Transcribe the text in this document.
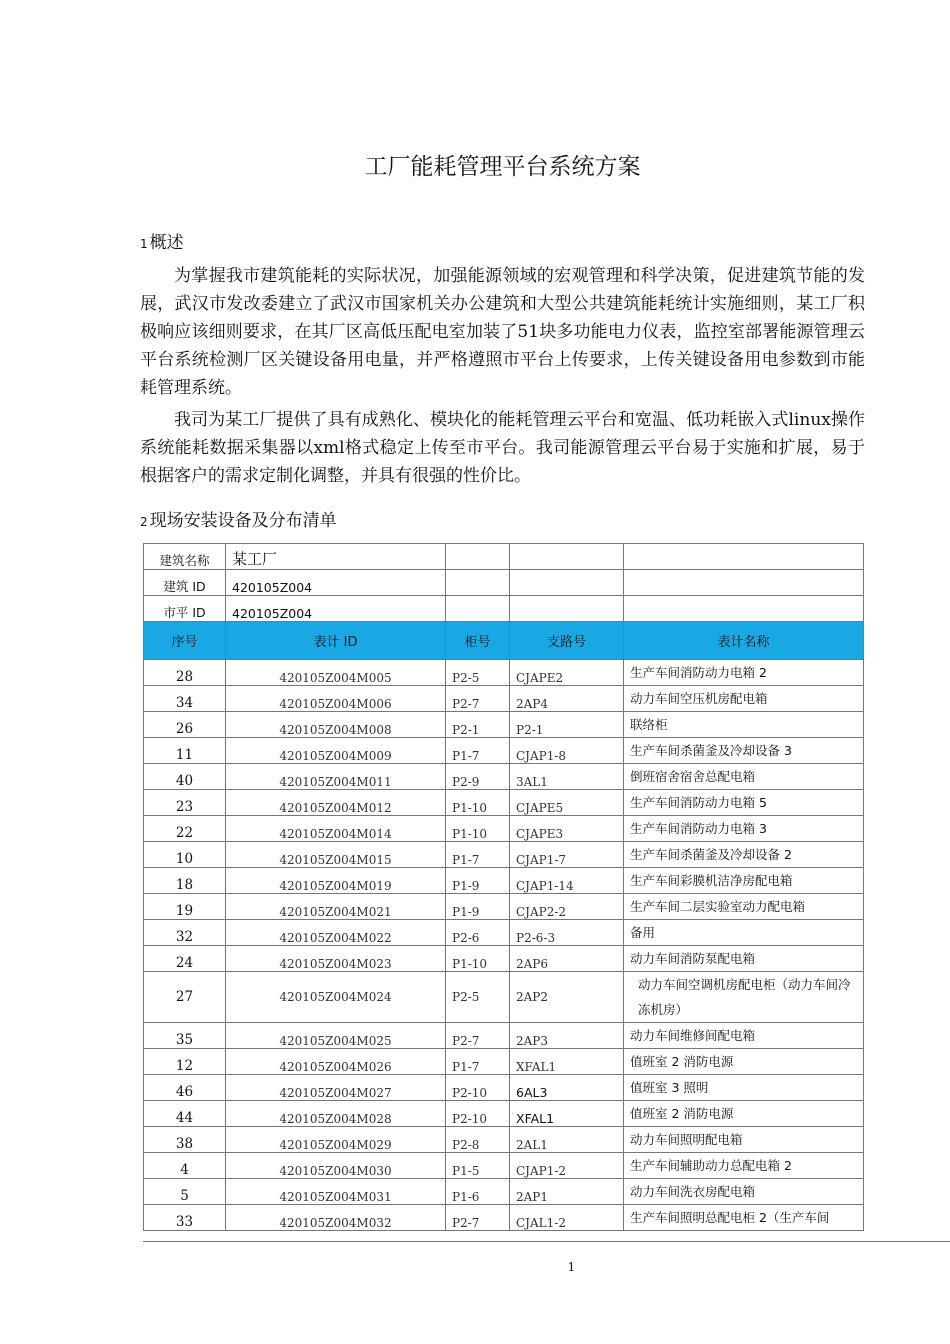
工厂能耗管理平台系统方案
1 概述

为掌握我市建筑能耗的实际状况，加强能源领域的宏观管理和科学决策，促进建筑节能的发展，武汉市发改委建立了武汉市国家机关办公建筑和大型公共建筑能耗统计实施细则，某工厂积极响应该细则要求，在其厂区高低压配电室加装了51块多功能电力仪表，监控室部署能源管理云平台系统检测厂区关键设备用电量，并严格遵照市平台上传要求，上传关键设备用电参数到市能耗管理系统。

我司为某工厂提供了具有成熟化、模块化的能耗管理云平台和宽温、低功耗嵌入式linux操作系统能耗数据采集器以xml格式稳定上传至市平台。我司能源管理云平台易于实施和扩展，易于根据客户的需求定制化调整，并具有很强的性价比。

2 现场安装设备及分布清单
建筑名称	某工厂			
建筑 ID	420105Z004			
市平 ID	420105Z004			
序号	表计 ID	柜号	支路号	表计名称
28	420105Z004M005	P2-5	CJAPE2	生产车间消防动力电箱 2
34	420105Z004M006	P2-7	2AP4	动力车间空压机房配电箱
26	420105Z004M008	P2-1	P2-1	联络柜
11	420105Z004M009	P1-7	CJAP1-8	生产车间杀菌釜及冷却设备 3
40	420105Z004M011	P2-9	3AL1	倒班宿舍宿舍总配电箱
23	420105Z004M012	P1-10	CJAPE5	生产车间消防动力电箱 5
22	420105Z004M014	P1-10	CJAPE3	生产车间消防动力电箱 3
10	420105Z004M015	P1-7	CJAP1-7	生产车间杀菌釜及冷却设备 2
18	420105Z004M019	P1-9	CJAP1-14	生产车间彩膜机洁净房配电箱
19	420105Z004M021	P1-9	CJAP2-2	生产车间二层实验室动力配电箱
32	420105Z004M022	P2-6	P2-6-3	备用
24	420105Z004M023	P1-10	2AP6	动力车间消防泵配电箱
27	420105Z004M024	P2-5	2AP2	动力车间空调机房配电柜（动力车间冷冻机房）
35	420105Z004M025	P2-7	2AP3	动力车间维修间配电箱
12	420105Z004M026	P1-7	XFAL1	值班室 2 消防电源
46	420105Z004M027	P2-10	6AL3	值班室 3 照明
44	420105Z004M028	P2-10	XFAL1	值班室 2 消防电源
38	420105Z004M029	P2-8	2AL1	动力车间照明配电箱
4	420105Z004M030	P1-5	CJAP1-2	生产车间辅助动力总配电箱 2
5	420105Z004M031	P1-6	2AP1	动力车间洗衣房配电箱
33	420105Z004M032	P2-7	CJAL1-2	生产车间照明总配电柜 2（生产车间
1
